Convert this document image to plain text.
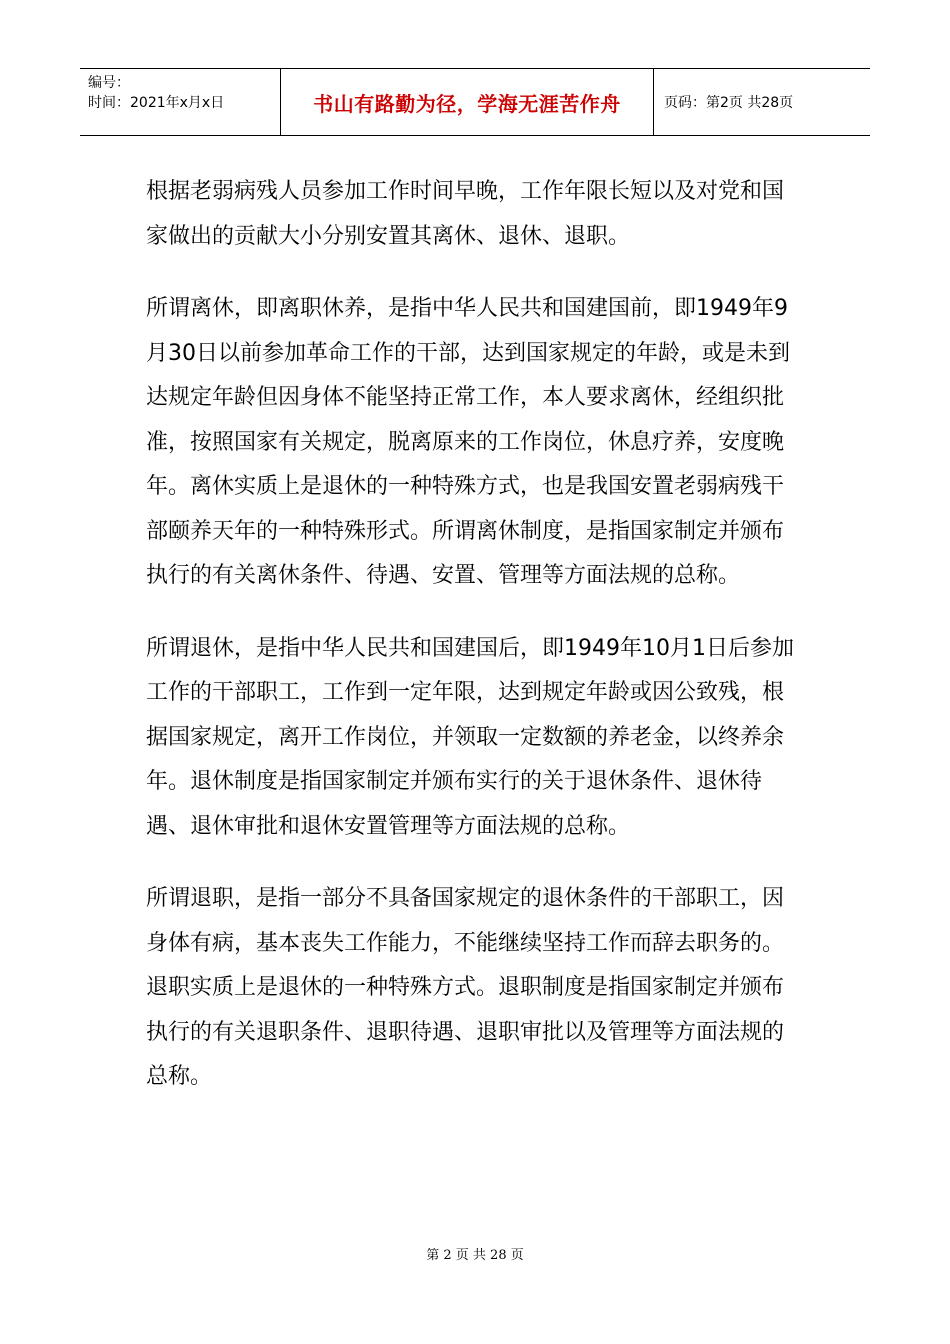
编号：
时间：2021年x月x日	书山有路勤为径，学海无涯苦作舟	页码：第2页 共28页

根据老弱病残人员参加工作时间早晚，工作年限长短以及对党和国家做出的贡献大小分别安置其离休、退休、退职。

所谓离休，即离职休养，是指中华人民共和国建国前，即1949年9月30日以前参加革命工作的干部，达到国家规定的年龄，或是未到达规定年龄但因身体不能坚持正常工作，本人要求离休，经组织批准，按照国家有关规定，脱离原来的工作岗位，休息疗养，安度晚年。离休实质上是退休的一种特殊方式，也是我国安置老弱病残干部颐养天年的一种特殊形式。所谓离休制度，是指国家制定并颁布执行的有关离休条件、待遇、安置、管理等方面法规的总称。

所谓退休，是指中华人民共和国建国后，即1949年10月1日后参加工作的干部职工，工作到一定年限，达到规定年龄或因公致残，根据国家规定，离开工作岗位，并领取一定数额的养老金，以终养余年。退休制度是指国家制定并颁布实行的关于退休条件、退休待遇、退休审批和退休安置管理等方面法规的总称。

所谓退职，是指一部分不具备国家规定的退休条件的干部职工，因身体有病，基本丧失工作能力，不能继续坚持工作而辞去职务的。退职实质上是退休的一种特殊方式。退职制度是指国家制定并颁布执行的有关退职条件、退职待遇、退职审批以及管理等方面法规的总称。

第 2 页 共 28 页
